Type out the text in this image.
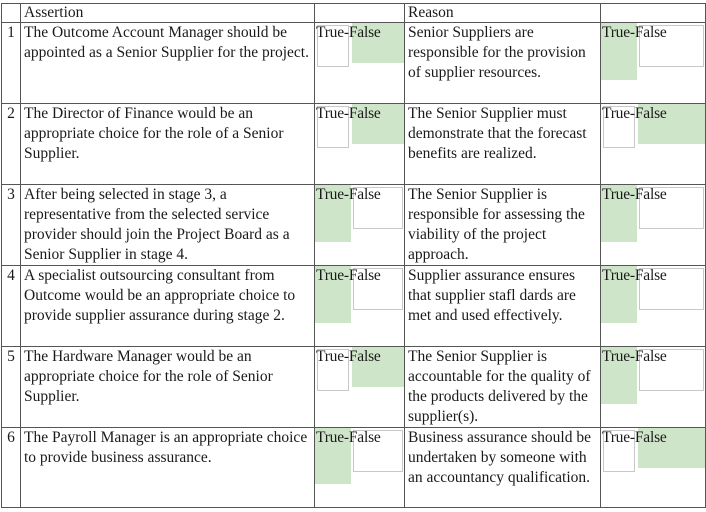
	Assertion		Reason	
1	The Outcome Account Manager should be appointed as a Senior Supplier for the project.	True-False	Senior Suppliers are responsible for the provision of supplier resources.	True-False
2	The Director of Finance would be an appropriate choice for the role of a Senior Supplier.	True-False	The Senior Supplier must demonstrate that the forecast benefits are realized.	True-False
3	After being selected in stage 3, a representative from the selected service provider should join the Project Board as a Senior Supplier in stage 4.	True-False	The Senior Supplier is responsible for assessing the viability of the project approach.	True-False
4	A specialist outsourcing consultant from Outcome would be an appropriate choice to provide supplier assurance during stage 2.	True-False	Supplier assurance ensures that supplier stafl dards are met and used effectively.	True-False
5	The Hardware Manager would be an appropriate choice for the role of Senior Supplier.	True-False	The Senior Supplier is accountable for the quality of the products delivered by the supplier(s).	True-False
6	The Payroll Manager is an appropriate choice to provide business assurance.	True-False	Business assurance should be undertaken by someone with an accountancy qualification.	True-False
